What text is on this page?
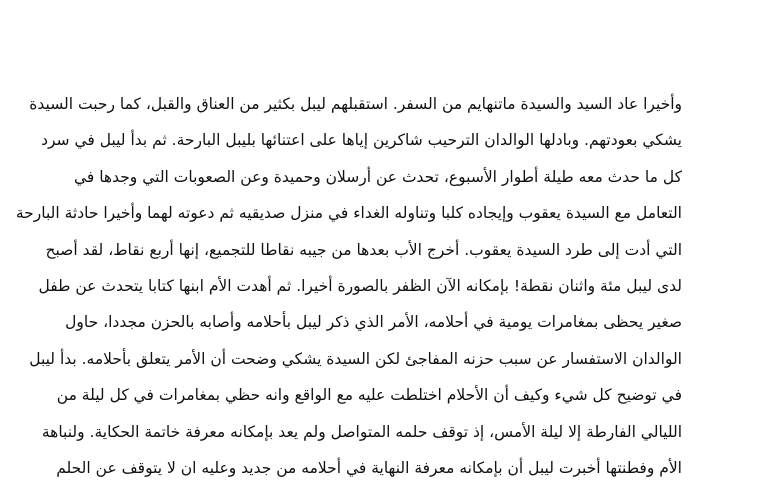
وأخيرا عاد السيد والسيدة ماتنهايم من السفر. استقبلهم ليبل بكثير من العناق والقبل، كما رحبت السيدة
يشكي بعودتهم. وبادلها الوالدان الترحيب شاكرين إياها على اعتنائها بليبل البارحة. ثم بدأ ليبل في سرد
كل ما حدث معه طيلة أطوار الأسبوع، تحدث عن أرسلان وحميدة وعن الصعوبات التي وجدها في
التعامل مع السيدة يعقوب وإيجاده كلبا وتناوله الغداء في منزل صديقيه ثم دعوته لهما وأخيرا حادثة البارحة
التي أدت إلى طرد السيدة يعقوب. أخرج الأب بعدها من جيبه نقاطا للتجميع، إنها أربع نقاط، لقد أصبح
لدى ليبل مئة واثنان نقطة! بإمكانه الآن الظفر بالصورة أخيرا. ثم أهدت الأم ابنها كتابا يتحدث عن طفل
صغير يحظى بمغامرات يومية في أحلامه، الأمر الذي ذكر ليبل بأحلامه وأصابه بالحزن مجددا، حاول
الوالدان الاستفسار عن سبب حزنه المفاجئ لكن السيدة يشكي وضحت أن الأمر يتعلق بأحلامه. بدأ ليبل
في توضيح كل شيء وكيف أن الأحلام اختلطت عليه مع الواقع وانه حظي بمغامرات في كل ليلة من
الليالي الفارطة إلا ليلة الأمس، إذ توقف حلمه المتواصل ولم يعد بإمكانه معرفة خاتمة الحكاية. ولنباهة
الأم وفطنتها أخبرت ليبل أن بإمكانه معرفة النهاية في أحلامه من جديد وعليه ان لا يتوقف عن الحلم
